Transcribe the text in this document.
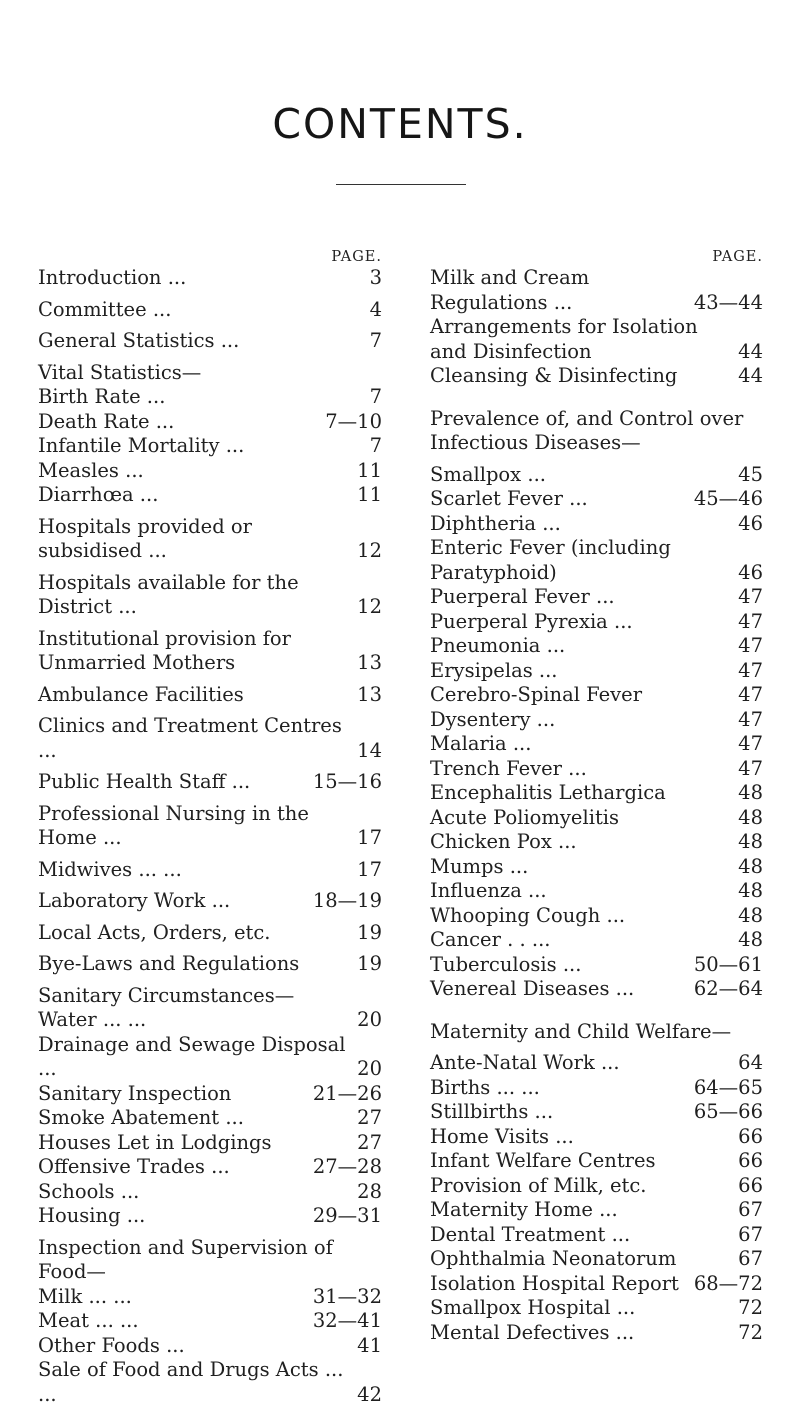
CONTENTS.
PAGE.
Introduction ...	3
Committee ...	4
General Statistics ...	7
Vital Statistics—
Birth Rate ...	7
Death Rate ...	7—10
Infantile Mortality ...	7
Measles ...	11
Diarrhœa ...	11
Hospitals provided or subsidised ...	12
Hospitals available for the District ...	12
Institutional provision for Unmarried Mothers	13
Ambulance Facilities	13
Clinics and Treatment Centres ...	14
Public Health Staff ...	15—16
Professional Nursing in the Home ...	17
Midwives ... ...	17
Laboratory Work ...	18—19
Local Acts, Orders, etc.	19
Bye-Laws and Regulations	19
Sanitary Circumstances—
Water ... ...	20
Drainage and Sewage Disposal ...	20
Sanitary Inspection	21—26
Smoke Abatement ...	27
Houses Let in Lodgings	27
Offensive Trades ...	27—28
Schools ...	28
Housing ...	29—31
Inspection and Supervision of Food—
Milk ... ...	31—32
Meat ... ...	32—41
Other Foods ...	41
Sale of Food and Drugs Acts ... ...	42
PAGE.
Milk and Cream Regulations ...	43—44
Arrangements for Isolation and Disinfection	44
Cleansing & Disinfecting	44
Prevalence of, and Control over Infectious Diseases—
Smallpox ...	45
Scarlet Fever ...	45—46
Diphtheria ...	46
Enteric Fever (including Paratyphoid)	46
Puerperal Fever ...	47
Puerperal Pyrexia ...	47
Pneumonia ...	47
Erysipelas ...	47
Cerebro-Spinal Fever	47
Dysentery ...	47
Malaria ...	47
Trench Fever ...	47
Encephalitis Lethargica	48
Acute Poliomyelitis	48
Chicken Pox ...	48
Mumps ...	48
Influenza ...	48
Whooping Cough ...	48
Cancer . . ...	48
Tuberculosis ...	50—61
Venereal Diseases ...	62—64
Maternity and Child Welfare—
Ante-Natal Work ...	64
Births ... ...	64—65
Stillbirths ...	65—66
Home Visits ...	66
Infant Welfare Centres	66
Provision of Milk, etc.	66
Maternity Home ...	67
Dental Treatment ...	67
Ophthalmia Neonatorum	67
Isolation Hospital Report 68—72
Smallpox Hospital ...	72
Mental Defectives ...	72
